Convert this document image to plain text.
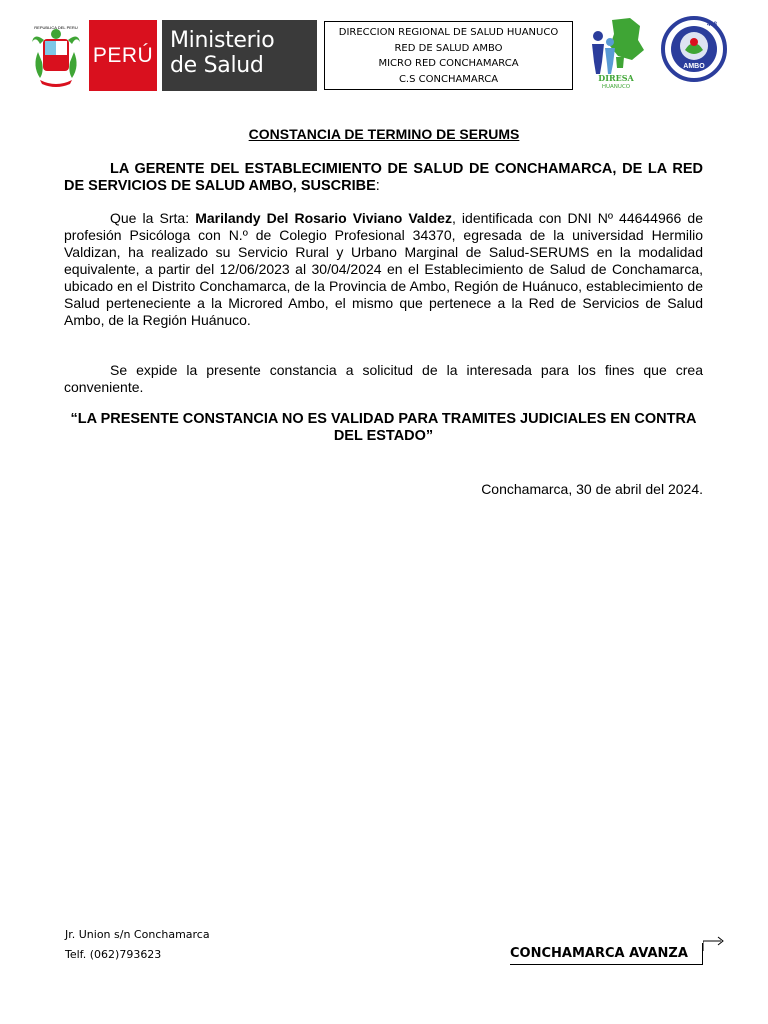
REPUBLICA DEL PERU
PERÚ
Ministerio
de Salud
DIRECCION REGIONAL DE SALUD HUANUCO
RED DE SALUD AMBO
MICRO RED CONCHAMARCA
C.S CONCHAMARCA	DIRESA
HUANUCO
AMBO
408
CONSTANCIA DE TERMINO DE SERUMS

LA GERENTE DEL ESTABLECIMIENTO DE SALUD DE CONCHAMARCA, DE LA RED DE SERVICIOS DE SALUD AMBO, SUSCRIBE:

Que la Srta: Marilandy Del Rosario Viviano Valdez, identificada con DNI Nº 44644966 de profesión Psicóloga con N.º de Colegio Profesional 34370, egresada de la universidad Hermilio Valdizan, ha realizado su Servicio Rural y Urbano Marginal de Salud-SERUMS en la modalidad equivalente, a partir del 12/06/2023 al 30/04/2024 en el Establecimiento de Salud de Conchamarca, ubicado en el Distrito Conchamarca, de la Provincia de Ambo, Región de Huánuco, establecimiento de Salud perteneciente a la Microred Ambo, el mismo que pertenece a la Red de Servicios de Salud Ambo, de la Región Huánuco.

Se expide la presente constancia a solicitud de la interesada para los fines que crea conveniente.

“LA PRESENTE CONSTANCIA NO ES VALIDAD PARA TRAMITES JUDICIALES EN CONTRA DEL ESTADO”

Conchamarca, 30 de abril del 2024.

Jr. Union s/n Conchamarca
Telf. (062)793623	CONCHAMARCA AVANZA
